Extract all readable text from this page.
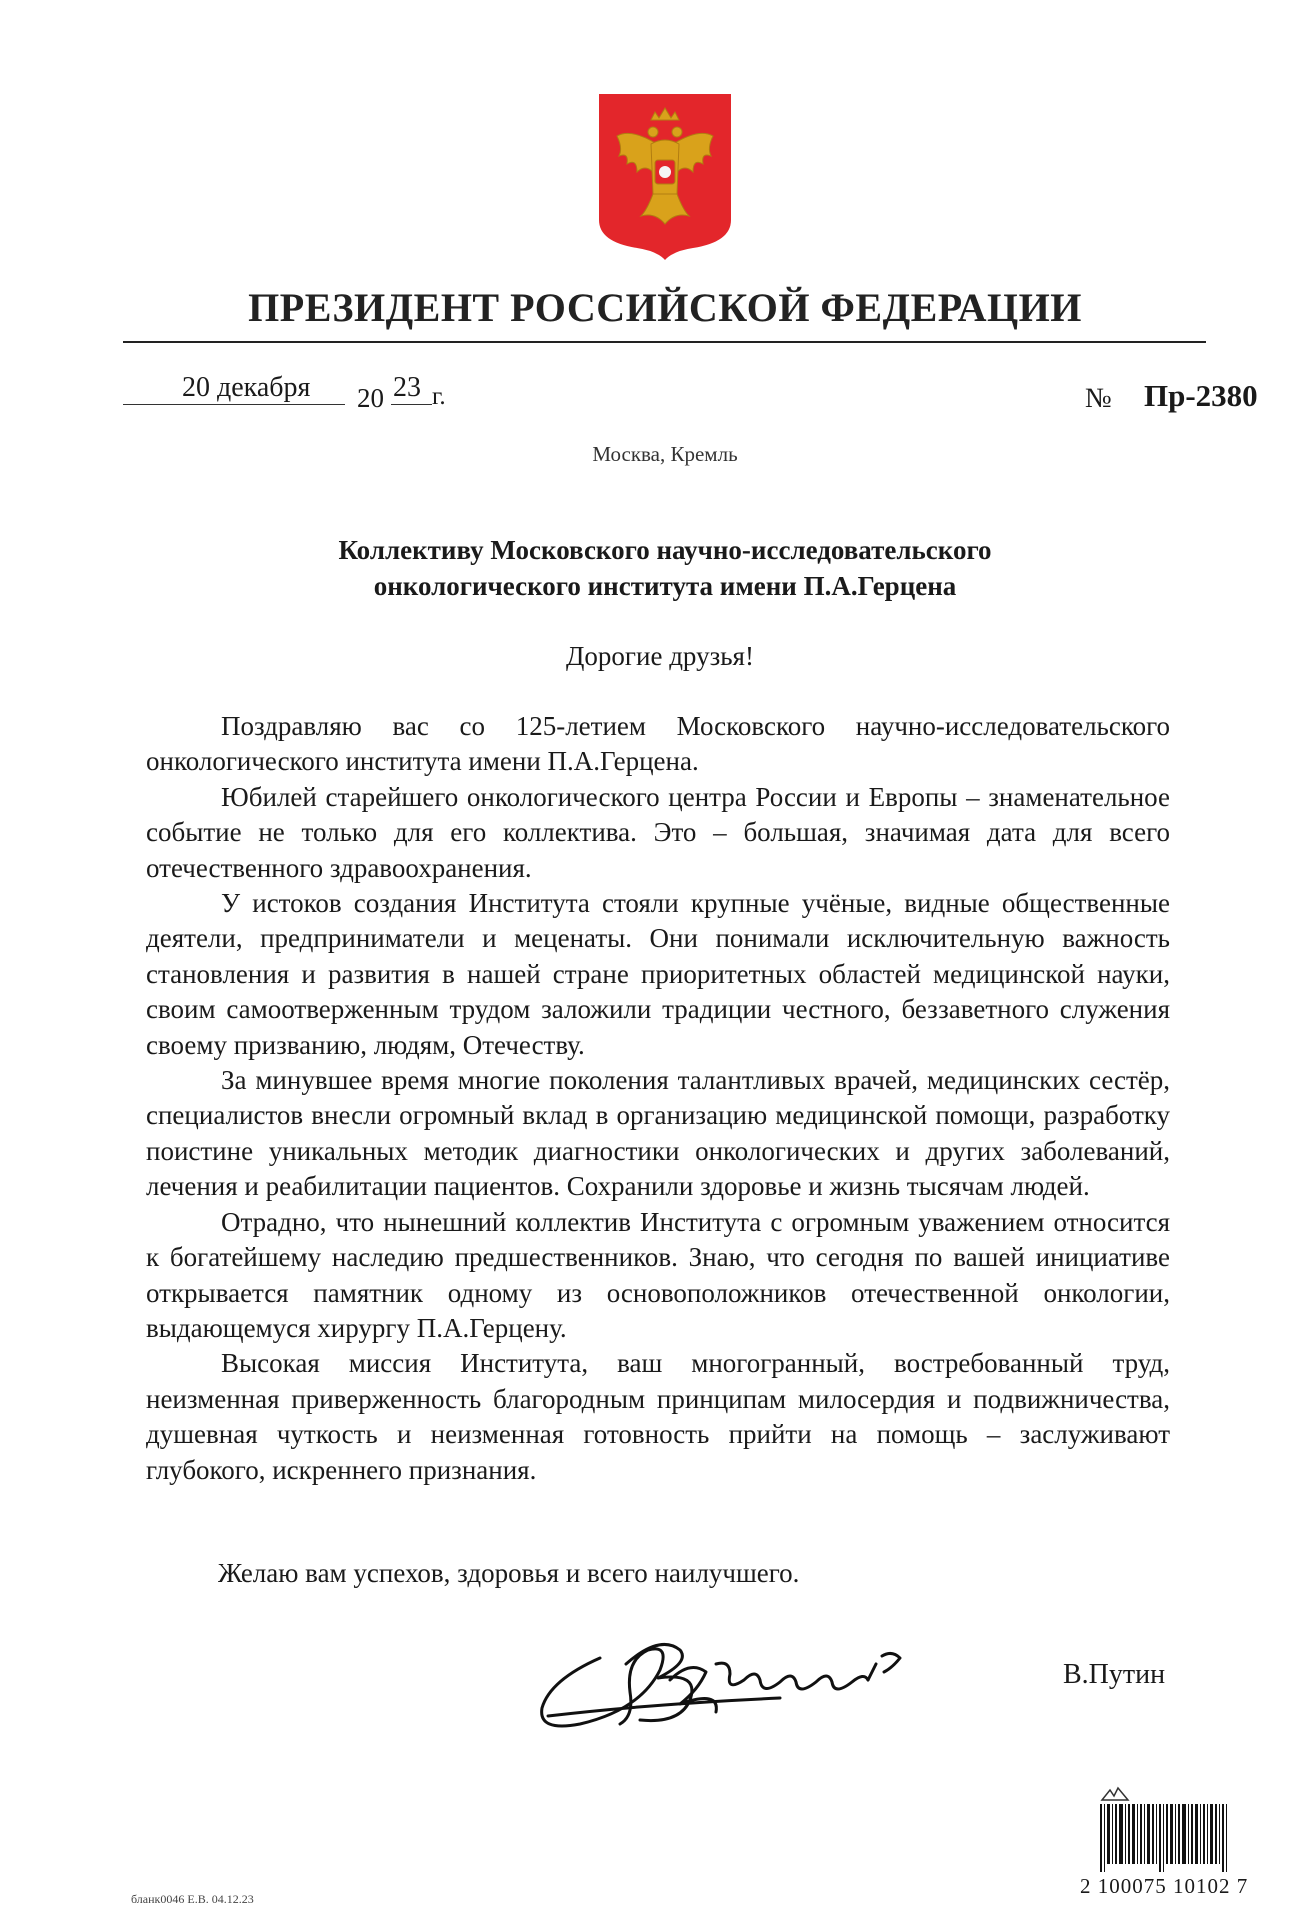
ПРЕЗИДЕНТ РОССИЙСКОЙ ФЕДЕРАЦИИ
20 декабря 20 23 г.	№ Пр-2380
Москва, Кремль
Коллективу Московского научно-исследовательского
онкологического института имени П.А.Герцена
Дорогие друзья!

Поздравляю вас со 125-летием Московского научно-исследовательского онкологического института имени П.А.Герцена.

Юбилей старейшего онкологического центра России и Европы – знаменательное событие не только для его коллектива. Это – большая, значимая дата для всего отечественного здравоохранения.

У истоков создания Института стояли крупные учёные, видные общественные деятели, предприниматели и меценаты. Они понимали исключительную важность становления и развития в нашей стране приоритетных областей медицинской науки, своим самоотверженным трудом заложили традиции честного, беззаветного служения своему призванию, людям, Отечеству.

За минувшее время многие поколения талантливых врачей, медицинских сестёр, специалистов внесли огромный вклад в организацию медицинской помощи, разработку поистине уникальных методик диагностики онкологических и других заболеваний, лечения и реабилитации пациентов. Сохранили здоровье и жизнь тысячам людей.

Отрадно, что нынешний коллектив Института с огромным уважением относится к богатейшему наследию предшественников. Знаю, что сегодня по вашей инициативе открывается памятник одному из основоположников отечественной онкологии, выдающемуся хирургу П.А.Герцену.

Высокая миссия Института, ваш многогранный, востребованный труд, неизменная приверженность благородным принципам милосердия и подвижничества, душевная чуткость и неизменная готовность прийти на помощь – заслуживают глубокого, искреннего признания.

Желаю вам успехов, здоровья и всего наилучшего.
В.Путин
бланк0046 Е.В. 04.12.23
2 100075 10102 7
